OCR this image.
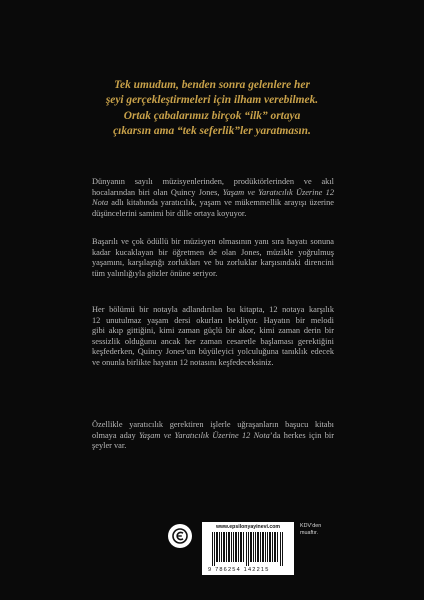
Tek umudum, benden sonra gelenlere her
şeyi gerçekleştirmeleri için ilham verebilmek.
Ortak çabalarımız birçok “ilk” ortaya
çıkarsın ama “tek seferlik”ler yaratmasın.
Dünyanın sayılı müzisyenlerinden, prodüktörlerinden ve akıl
hocalarından biri olan Quincy Jones, Yaşam ve Yaratıcılık Üzerine 12
Nota adlı kitabında yaratıcılık, yaşam ve mükemmellik arayışı üzerine
düşüncelerini samimi bir dille ortaya koyuyor.
Başarılı ve çok ödüllü bir müzisyen olmasının yanı sıra hayatı sonuna
kadar kucaklayan bir öğretmen de olan Jones, müzikle yoğrulmuş
yaşamını, karşılaştığı zorlukları ve bu zorluklar karşısındaki direncini
tüm yalınlığıyla gözler önüne seriyor.
Her bölümü bir notayla adlandırılan bu kitapta, 12 notaya karşılık
12 unutulmaz yaşam dersi okurları bekliyor. Hayatın bir melodi
gibi akıp gittiğini, kimi zaman güçlü bir akor, kimi zaman derin bir
sessizlik olduğunu ancak her zaman cesaretle başlaması gerektiğini
keşfederken, Quincy Jones’un büyüleyici yolculuğuna tanıklık edecek
ve onunla birlikte hayatın 12 notasını keşfedeceksiniz.
Özellikle yaratıcılık gerektiren işlerle uğraşanların başucu kitabı
olmaya aday Yaşam ve Yaratıcılık Üzerine 12 Nota’da herkes için bir
şeyler var.
www.epsilonyayinevi.com
9 786254 142215
KDV’den
muaftır.
